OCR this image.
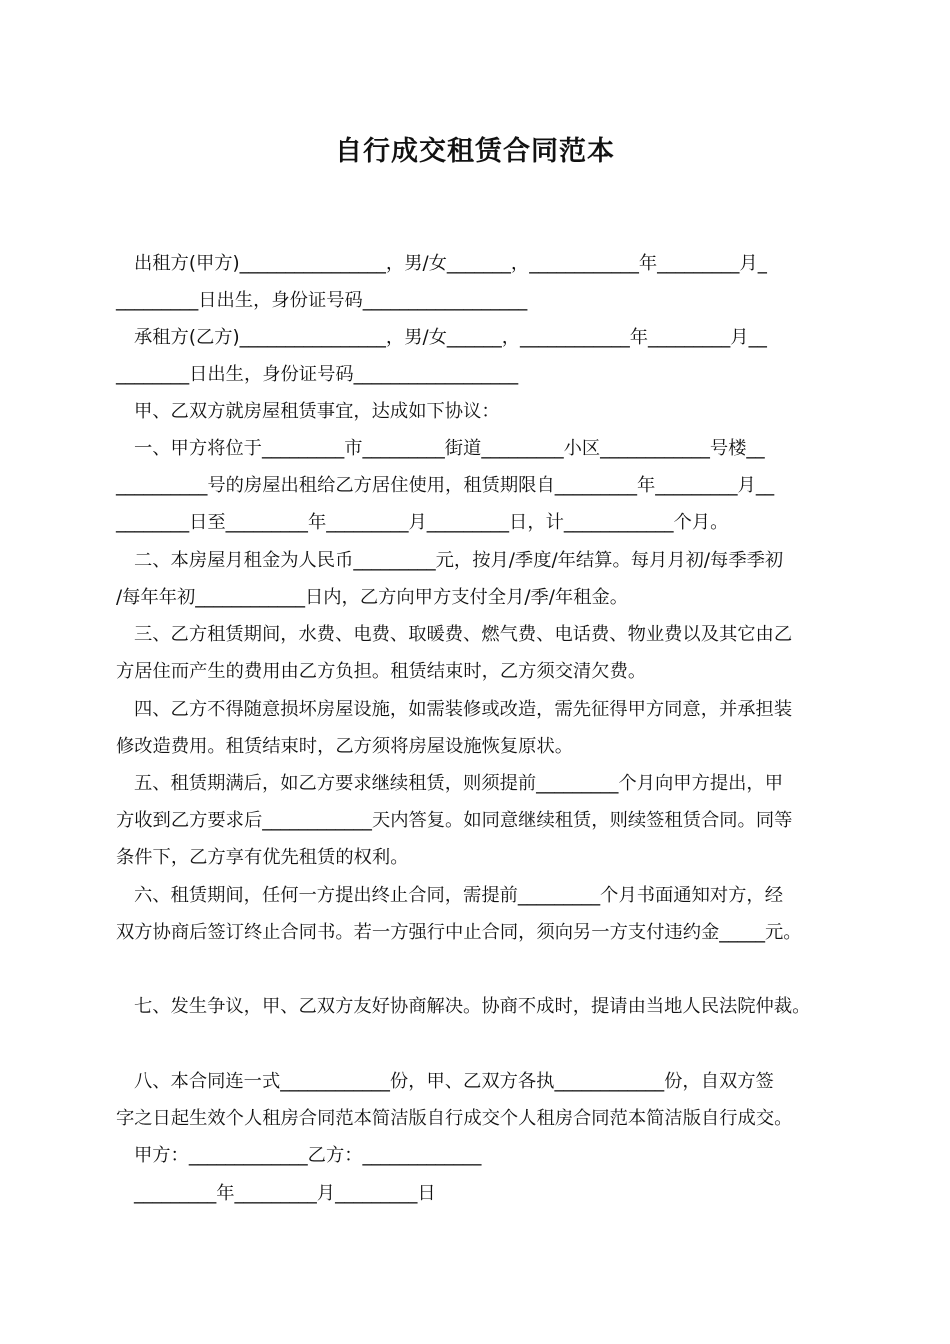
自行成交租赁合同范本
出租方(甲方)________________，男/女_______，____________年_________月_
_________日出生，身份证号码__________________
承租方(乙方)________________，男/女______，____________年_________月__
________日出生，身份证号码__________________
甲、乙双方就房屋租赁事宜，达成如下协议：
一、甲方将位于_________市_________街道_________小区____________号楼__
__________号的房屋出租给乙方居住使用，租赁期限自_________年_________月__
________日至_________年_________月_________日，计____________个月。
二、本房屋月租金为人民币_________元，按月/季度/年结算。每月月初/每季季初
/每年年初____________日内，乙方向甲方支付全月/季/年租金。
三、乙方租赁期间，水费、电费、取暖费、燃气费、电话费、物业费以及其它由乙
方居住而产生的费用由乙方负担。租赁结束时，乙方须交清欠费。
四、乙方不得随意损坏房屋设施，如需装修或改造，需先征得甲方同意，并承担装
修改造费用。租赁结束时，乙方须将房屋设施恢复原状。
五、租赁期满后，如乙方要求继续租赁，则须提前_________个月向甲方提出，甲
方收到乙方要求后____________天内答复。如同意继续租赁，则续签租赁合同。同等
条件下，乙方享有优先租赁的权利。
六、租赁期间，任何一方提出终止合同，需提前_________个月书面通知对方，经
双方协商后签订终止合同书。若一方强行中止合同，须向另一方支付违约金_____元。
七、发生争议，甲、乙双方友好协商解决。协商不成时，提请由当地人民法院仲裁。
八、本合同连一式____________份，甲、乙双方各执____________份，自双方签
字之日起生效个人租房合同范本简洁版自行成交个人租房合同范本简洁版自行成交。
甲方：_____________乙方：_____________
_________年_________月_________日
